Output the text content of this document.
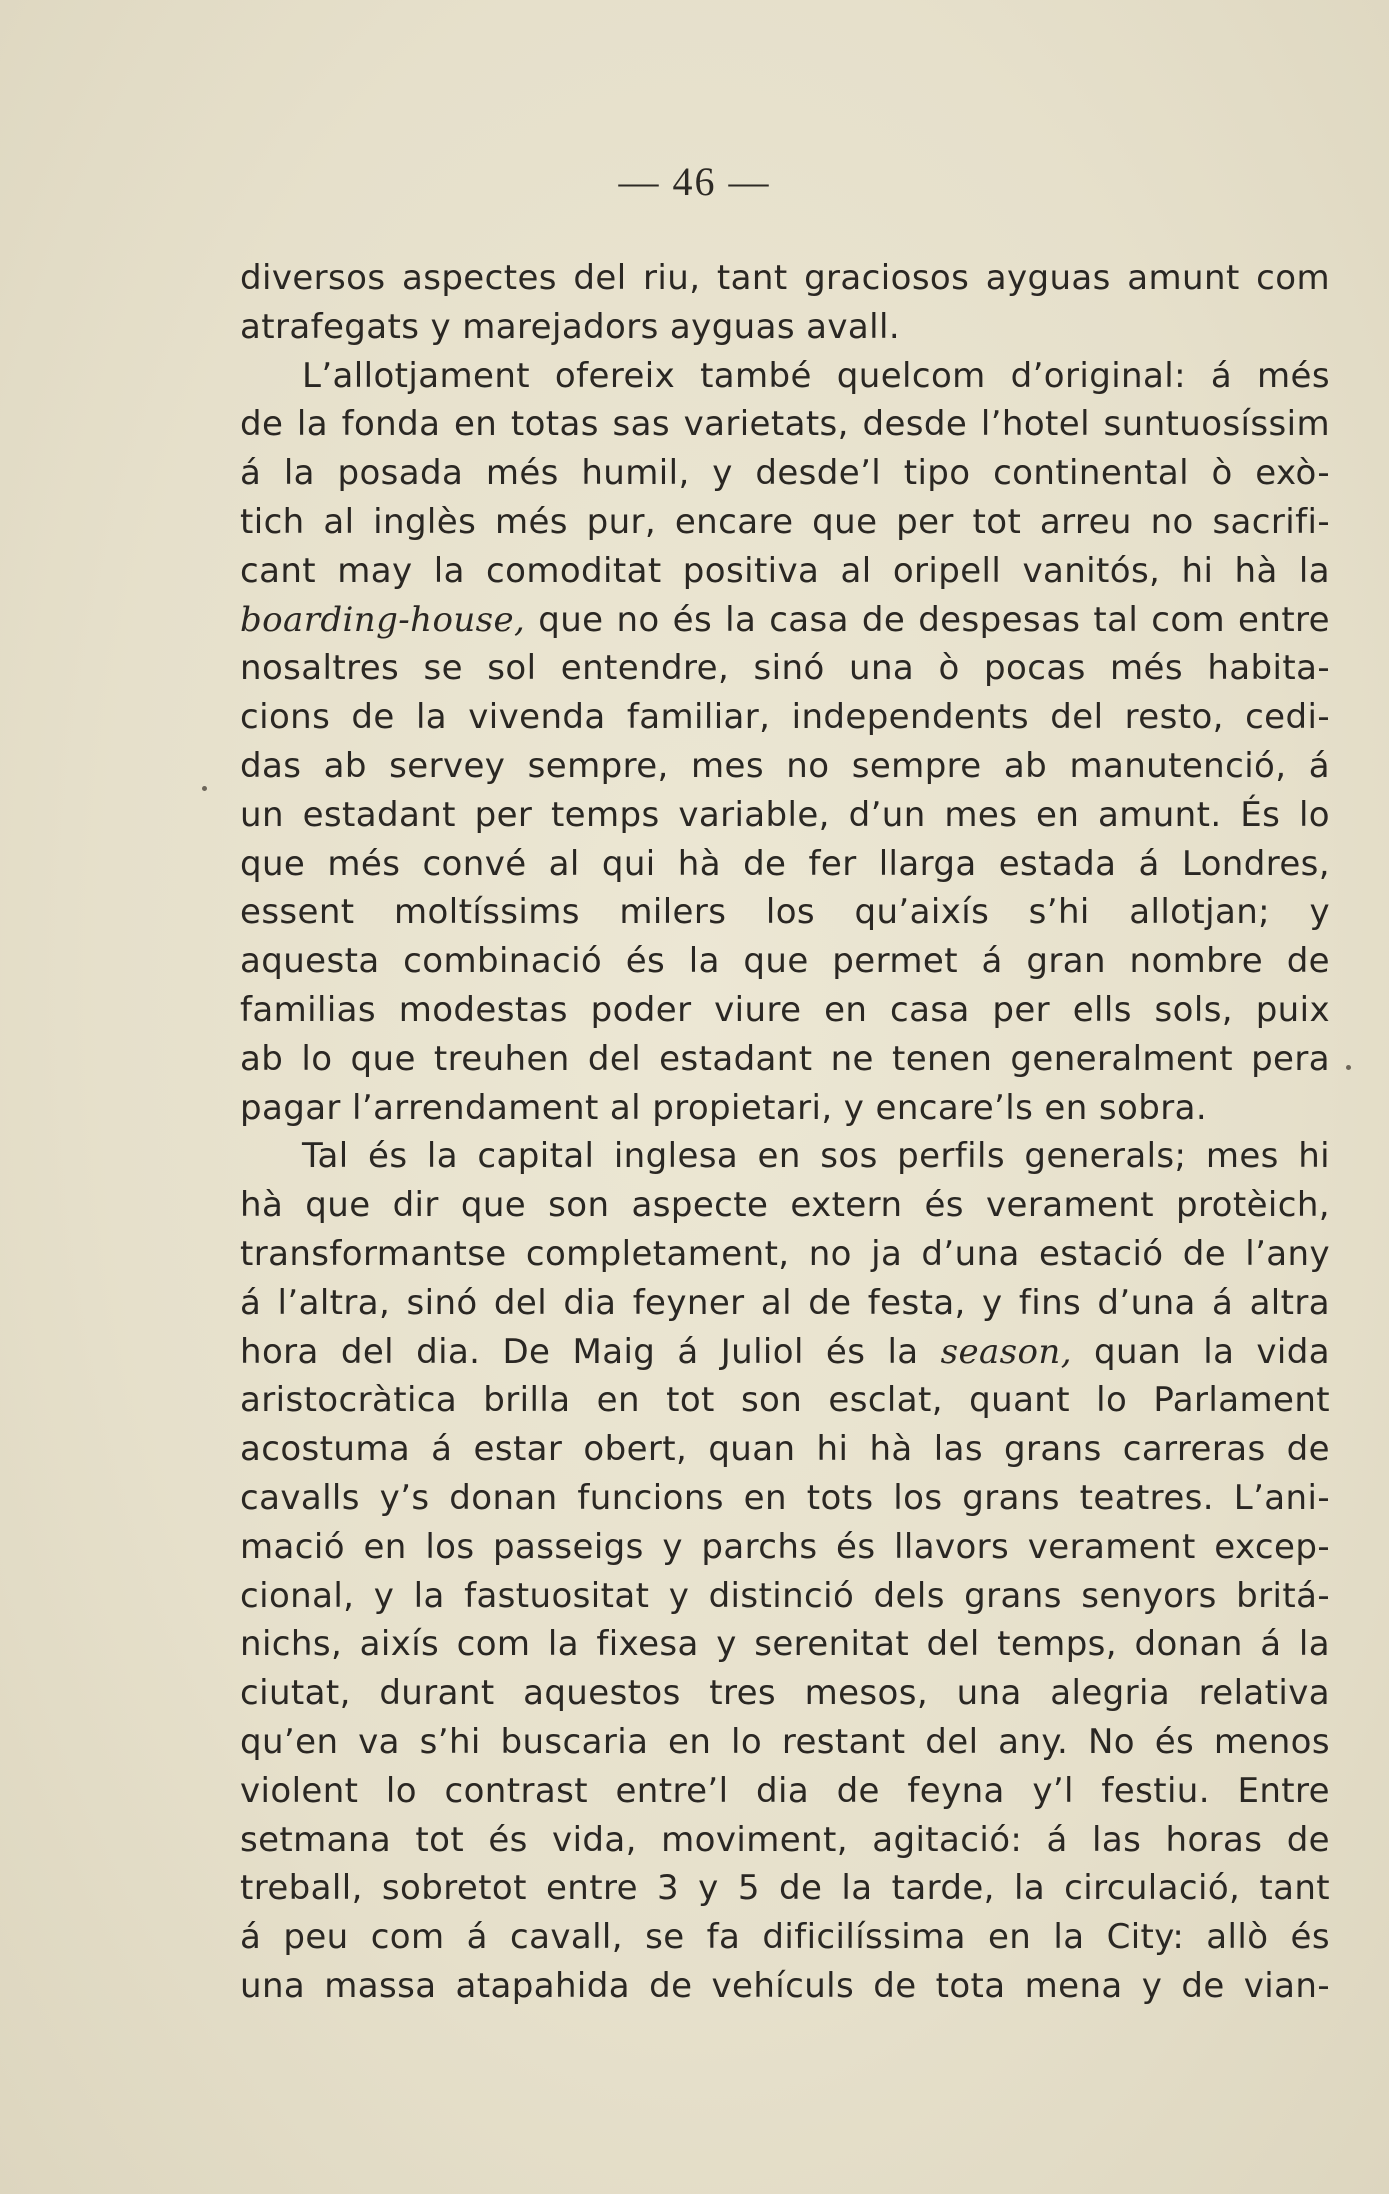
— 46 —
diversos aspectes del riu, tant graciosos ayguas amunt com
atrafegats y marejadors ayguas avall.
L’allotjament ofereix també quelcom d’original: á més
de la fonda en totas sas varietats, desde l’hotel suntuosíssim
á la posada més humil, y desde’l tipo continental ò exò-
tich al inglès més pur, encare que per tot arreu no sacrifi-
cant may la comoditat positiva al oripell vanitós, hi hà la
boarding-house, que no és la casa de despesas tal com entre
nosaltres se sol entendre, sinó una ò pocas més habita-
cions de la vivenda familiar, independents del resto, cedi-
das ab servey sempre, mes no sempre ab manutenció, á
un estadant per temps variable, d’un mes en amunt. És lo
que més convé al qui hà de fer llarga estada á Londres,
essent moltíssims milers los qu’aixís s’hi allotjan; y
aquesta combinació és la que permet á gran nombre de
familias modestas poder viure en casa per ells sols, puix
ab lo que treuhen del estadant ne tenen generalment pera
pagar l’arrendament al propietari, y encare’ls en sobra.
Tal és la capital inglesa en sos perfils generals; mes hi
hà que dir que son aspecte extern és verament protèich,
transformantse completament, no ja d’una estació de l’any
á l’altra, sinó del dia feyner al de festa, y fins d’una á altra
hora del dia. De Maig á Juliol és la season, quan la vida
aristocràtica brilla en tot son esclat, quant lo Parlament
acostuma á estar obert, quan hi hà las grans carreras de
cavalls y’s donan funcions en tots los grans teatres. L’ani-
mació en los passeigs y parchs és llavors verament excep-
cional, y la fastuositat y distinció dels grans senyors britá-
nichs, aixís com la fixesa y serenitat del temps, donan á la
ciutat, durant aquestos tres mesos, una alegria relativa
qu’en va s’hi buscaria en lo restant del any. No és menos
violent lo contrast entre’l dia de feyna y’l festiu. Entre
setmana tot és vida, moviment, agitació: á las horas de
treball, sobretot entre 3 y 5 de la tarde, la circulació, tant
á peu com á cavall, se fa dificilíssima en la City: allò és
una massa atapahida de vehículs de tota mena y de vian-
